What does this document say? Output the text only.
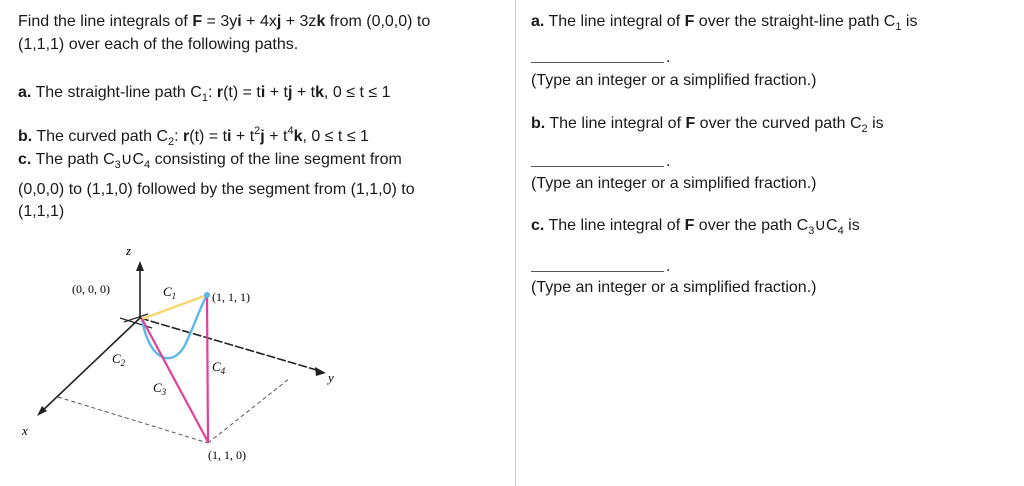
Find the line integrals of F = 3yi + 4xj + 3zk from (0,0,0) to
(1,1,1) over each of the following paths.
a. The straight-line path $C_1$: r(t) = ti + tj + tk, 0 ≤ t ≤ 1
b. The curved path $C_2$: r(t) = ti + $t^2j + t^4k$, 0 ≤ t ≤ 1
c. The path $C_3\cup C_4$ consisting of the line segment from
(0,0,0) to (1,1,0) followed by the segment from (1,1,0) to
(1,1,1)
z
x
y
(0, 0, 0)
(1, 1, 1)
(1, 1, 0)
$C_1$
$C_2$
$C_3$
$C_4$
a. The line integral of F over the straight-line path $C_1$ is
.
(Type an integer or a simplified fraction.)
b. The line integral of F over the curved path $C_2$ is
.
(Type an integer or a simplified fraction.)
c. The line integral of F over the path $C_3\cup C_4$ is
.
(Type an integer or a simplified fraction.)
